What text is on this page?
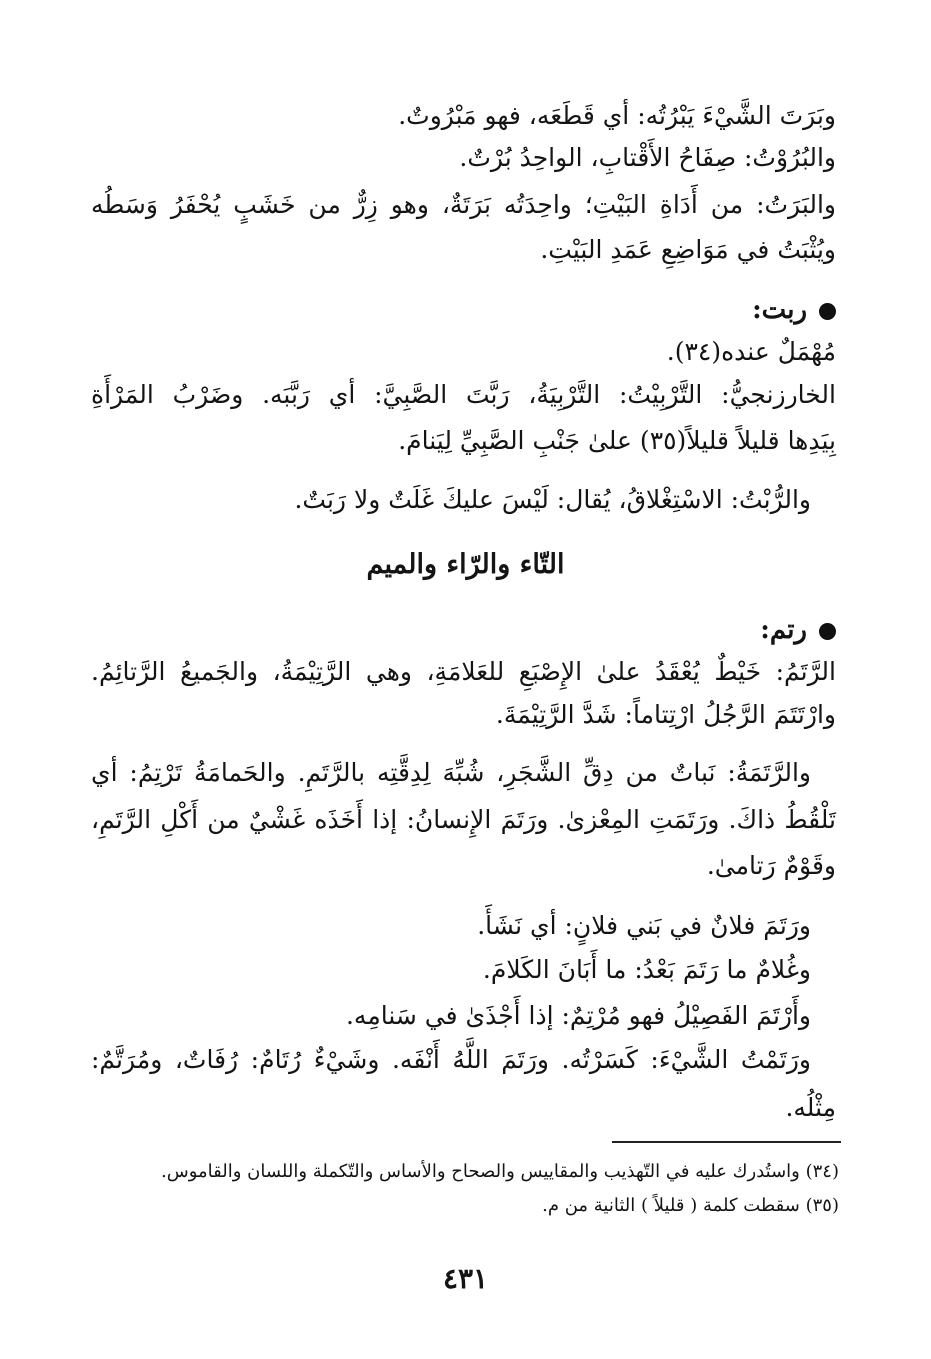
وبَرَتَ الشَّيْءَ يَبْرُتُه: أي قَطَعَه، فهو مَبْرُوتٌ.
والبُرُوْتُ: صِفَاحُ الأَقْتابِ، الواحِدُ بُرْتٌ.
والبَرَتُ: من أَدَاةِ البَيْتِ؛ واحِدَتُه بَرَتَةٌ، وهو زِرٌّ من خَشَبٍ يُحْفَرُ وَسَطُه
ويُثْبَتُ في مَوَاضِعِ عَمَدِ البَيْتِ.
ربت:
مُهْمَلٌ عنده(٣٤).
الخارزنجيُّ: التَّرْبِيْتُ: التَّرْبِيَةُ، رَبَّتَ الصَّبِيَّ: أي رَبَّبَه. وضَرْبُ المَرْأَةِ
بِيَدِها قليلاً قليلاً(٣٥) علىٰ جَنْبِ الصَّبِيِّ لِيَنامَ.
والرُّبْتُ: الاسْتِغْلاقُ، يُقال: لَيْسَ عليكَ غَلَتٌ ولا رَبَتٌ.
التّاء والرّاء والميم
رتم:
الرَّتَمُ: خَيْطٌ يُعْقَدُ علىٰ الإِصْبَعِ للعَلامَةِ، وهي الرَّتِيْمَةُ، والجَميعُ الرَّتائِمُ.
وارْتَتَمَ الرَّجُلُ ارْتِتاماً: شَدَّ الرَّتِيْمَةَ.
والرَّتَمَةُ: نَباتٌ من دِقِّ الشَّجَرِ، شُبِّهَ لِدِقَّتِه بالرَّتَمِ. والحَمامَةُ تَرْتِمُ: أي
تَلْقُطُ ذاكَ. ورَتَمَتِ المِعْزىٰ. ورَتَمَ الإِنسانُ: إذا أَخَذَه غَشْيٌ من أَكْلِ الرَّتَمِ،
وقَوْمٌ رَتامىٰ.
ورَتَمَ فلانٌ في بَني فلانٍ: أي نَشَأَ.
وغُلامٌ ما رَتَمَ بَعْدُ: ما أَبَانَ الكَلامَ.
وأَرْتَمَ الفَصِيْلُ فهو مُرْتِمٌ: إذا أَجْذَىٰ في سَنامِه.
ورَتَمْتُ الشَّيْءَ: كَسَرْتُه. ورَتَمَ اللَّهُ أَنْفَه. وشَيْءٌ رُتَامٌ: رُفَاتٌ، ومُرَتَّمٌ:
مِثْلُه.
(٣٤) واستُدرك عليه في التّهذيب والمقاييس والصحاح والأساس والتّكملة واللسان والقاموس.
(٣٥) سقطت كلمة ( قليلاً ) الثانية من م.
٤٣١
